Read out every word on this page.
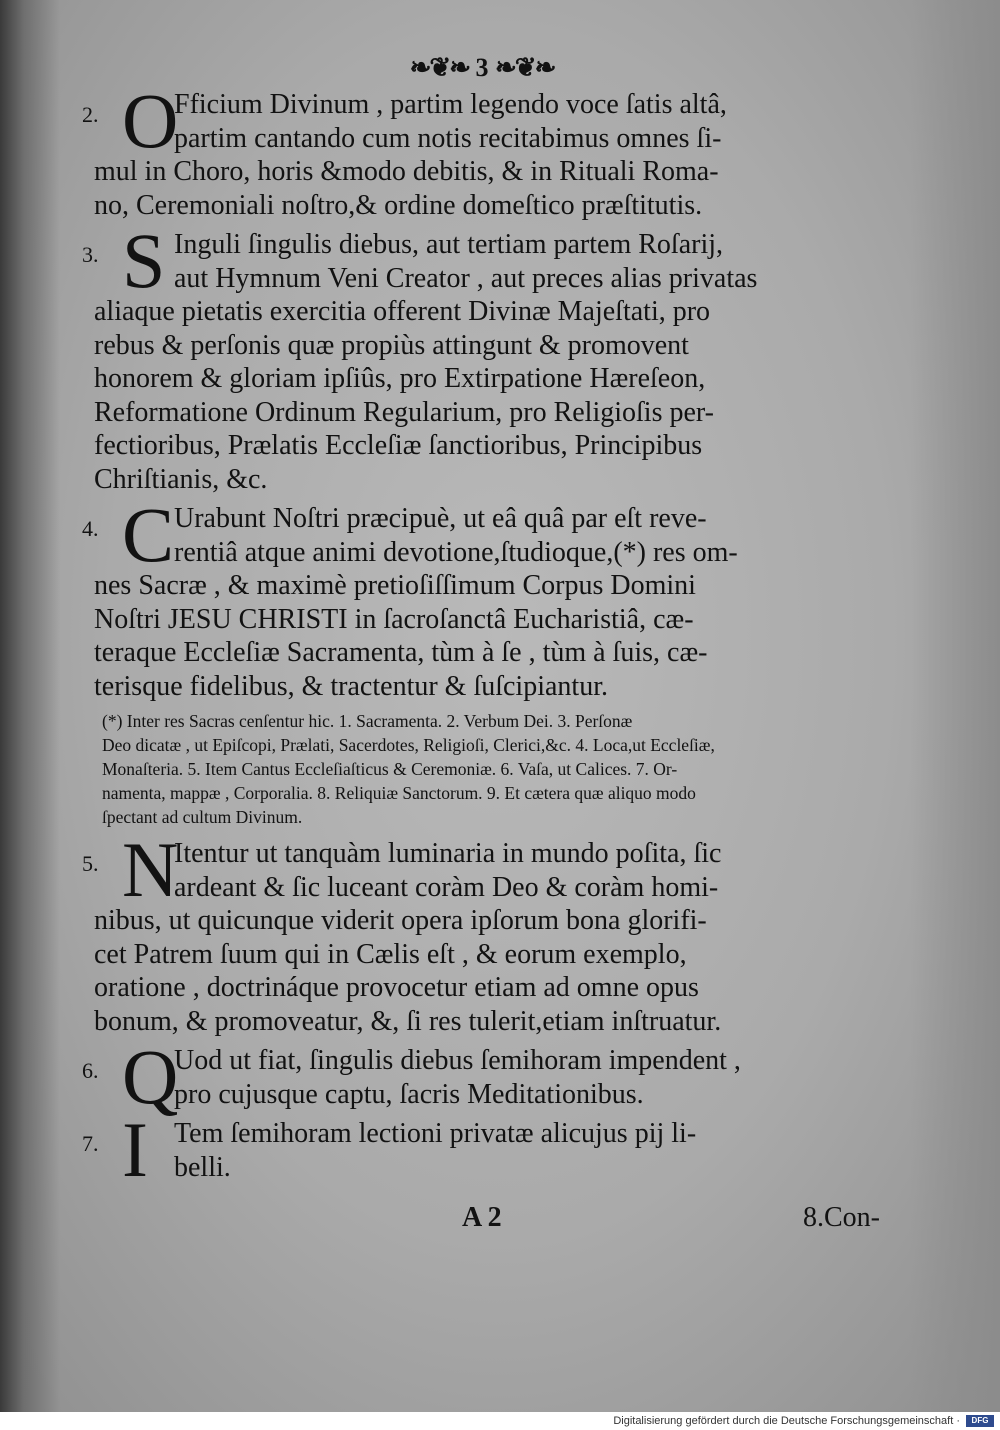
❧❦❧ 3 ❧❦❧
2. O
Fficium Divinum , partim legendo voce ſatis altâ,
partim cantando cum notis recitabimus omnes ſi-
mul in Choro, horis &modo debitis, & in Rituali Roma-
no, Ceremoniali noſtro,& ordine domeſtico præſtitutis.
3. S Inguli ſingulis diebus, aut tertiam partem Roſarij,
aut Hymnum Veni Creator , aut preces alias privatas
aliaque pietatis exercitia offerent Divinæ Majeſtati, pro
rebus & perſonis quæ propiùs attingunt & promovent
honorem & gloriam ipſiûs, pro Extirpatione Hæreſeon,
Reformatione Ordinum Regularium, pro Religioſis per-
fectioribus, Prælatis Eccleſiæ ſanctioribus, Principibus
Chriſtianis, &c.
4. C Urabunt Noſtri præcipuè, ut eâ quâ par eſt reve-
rentiâ atque animi devotione,ſtudioque,(*) res om-
nes Sacræ , & maximè pretioſiſſimum Corpus Domini
Noſtri JESU CHRISTI in ſacroſanctâ Eucharistiâ, cæ-
teraque Eccleſiæ Sacramenta, tùm à ſe , tùm à ſuis, cæ-
terisque fidelibus, & tractentur & ſuſcipiantur.
(*) Inter res Sacras cenſentur hic. 1. Sacramenta. 2. Verbum Dei. 3. Perſonæ
Deo dicatæ , ut Epiſcopi, Prælati, Sacerdotes, Religioſi, Clerici,&c. 4. Loca,ut Eccleſiæ,
Monaſteria. 5. Item Cantus Eccleſiaſticus & Ceremoniæ. 6. Vaſa, ut Calices. 7. Or-
namenta, mappæ , Corporalia. 8. Reliquiæ Sanctorum. 9. Et cætera quæ aliquo modo
ſpectant ad cultum Divinum.
5. N
Itentur ut tanquàm luminaria in mundo poſita, ſic
ardeant & ſic luceant coràm Deo & coràm homi-
nibus, ut quicunque viderit opera ipſorum bona glorifi-
cet Patrem ſuum qui in Cælis eſt , & eorum exemplo,
oratione , doctrináque provocetur etiam ad omne opus
bonum, & promoveatur, &, ſi res tulerit,etiam inſtruatur.
6. Q
Uod ut fiat, ſingulis diebus ſemihoram impendent ,
pro cujusque captu, ſacris Meditationibus.
7. I Tem ſemihoram lectioni privatæ alicujus pij li-
belli.
A 2	8.Con-
Digitalisierung gefördert durch die Deutsche Forschungsgemeinschaft ·	DFG
